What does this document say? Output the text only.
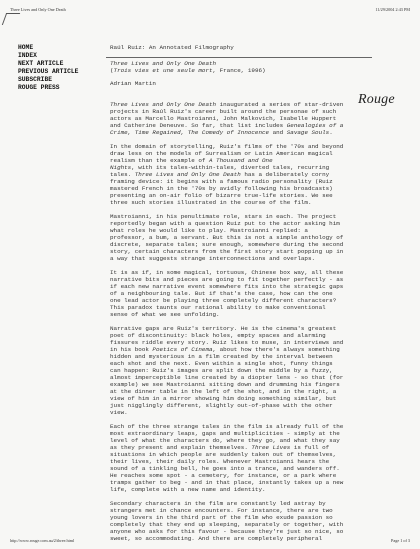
Three Lives and Only One Death	11/29/2004 2:43 PM
HOME
INDEX
NEXT ARTICLE
PREVIOUS ARTICLE
SUBSCRIBE
ROUGE PRESS
Rouge
Raúl Ruiz: An Annotated Filmography
Three Lives and Only One Death
(Trois vies et une seule mort, France, 1996)
Adrian Martin
Three Lives and Only One Death inaugurated a series of star-driven
projects in Raúl Ruiz's career built around the personae of such
actors as Marcello Mastroianni, John Malkovich, Isabelle Huppert
and Catherine Deneuve. So far, that list includes Genealogies of a
Crime, Time Regained, The Comedy of Innocence and Savage Souls.
In the domain of storytelling, Ruiz's films of the '70s and beyond
draw less on the models of Surrealism or Latin American magical
realism than the example of A Thousand and One
Nights, with its tales-within-tales, diverted tales, recurring
tales. Three Lives and Only One Death has a deliberately corny
framing device: it begins with a famous radio personality (Ruiz
mastered French in the '70s by avidly following his broadcasts)
presenting an on-air folio of bizarre true-life stories. We see
three such stories illustrated in the course of the film.
Mastroianni, in his penultimate role, stars in each. The project
reportedly began with a question Ruiz put to the actor asking him
what roles he would like to play. Mastroianni replied: a
professor, a bum, a servant. But this is not a simple anthology of
discrete, separate tales; sure enough, somewhere during the second
story, certain characters from the first story start popping up in
a way that suggests strange interconnections and overlaps.
It is as if, in some magical, tortuous, Chinese box way, all these
narrative bits and pieces are going to fit together perfectly - as
if each new narrative event somewhere fits into the strategic gaps
of a neighbouring tale. But if that's the case, how can the one
one lead actor be playing three completely different characters?
This paradox taunts our rational ability to make conventional
sense of what we see unfolding.
Narrative gaps are Ruiz's territory. He is the cinema's greatest
poet of discontinuity: black holes, empty spaces and alarming
fissures riddle every story. Ruiz likes to muse, in interviews and
in his book Poetics of Cinema, about how there's always something
hidden and mysterious in a film created by the interval between
each shot and the next. Even within a single shot, funny things
can happen: Ruiz's images are split down the middle by a fuzzy,
almost imperceptible line created by a diopter lens - so that (for
example) we see Mastroianni sitting down and drumming his fingers
at the dinner table in the left of the shot, and in the right, a
view of him in a mirror showing him doing something similar, but
just nigglingly different, slightly out-of-phase with the other
view.
Each of the three strange tales in the film is already full of the
most extraordinary leaps, gaps and multiplicities - simply at the
level of what the characters do, where they go, and what they say
as they present and explain themselves. Three Lives is full of
situations in which people are suddenly taken out of themselves,
their lives, their daily roles. Whenever Mastroianni hears the
sound of a tinkling bell, he goes into a trance, and wanders off.
He reaches some spot - a cemetery, for instance, or a park where
tramps gather to beg - and in that place, instantly takes up a new
life, complete with a new name and identity.
Secondary characters in the film are constantly led astray by
strangers met in chance encounters. For instance, there are two
young lovers in the third part of the film who exude passion so
completely that they end up sleeping, separately or together, with
anyone who asks for this favour - because they're just so nice, so
sweet, so accommodating. And there are completely peripheral
http://www.rouge.com.au/2/three.html	Page 1 of 3
